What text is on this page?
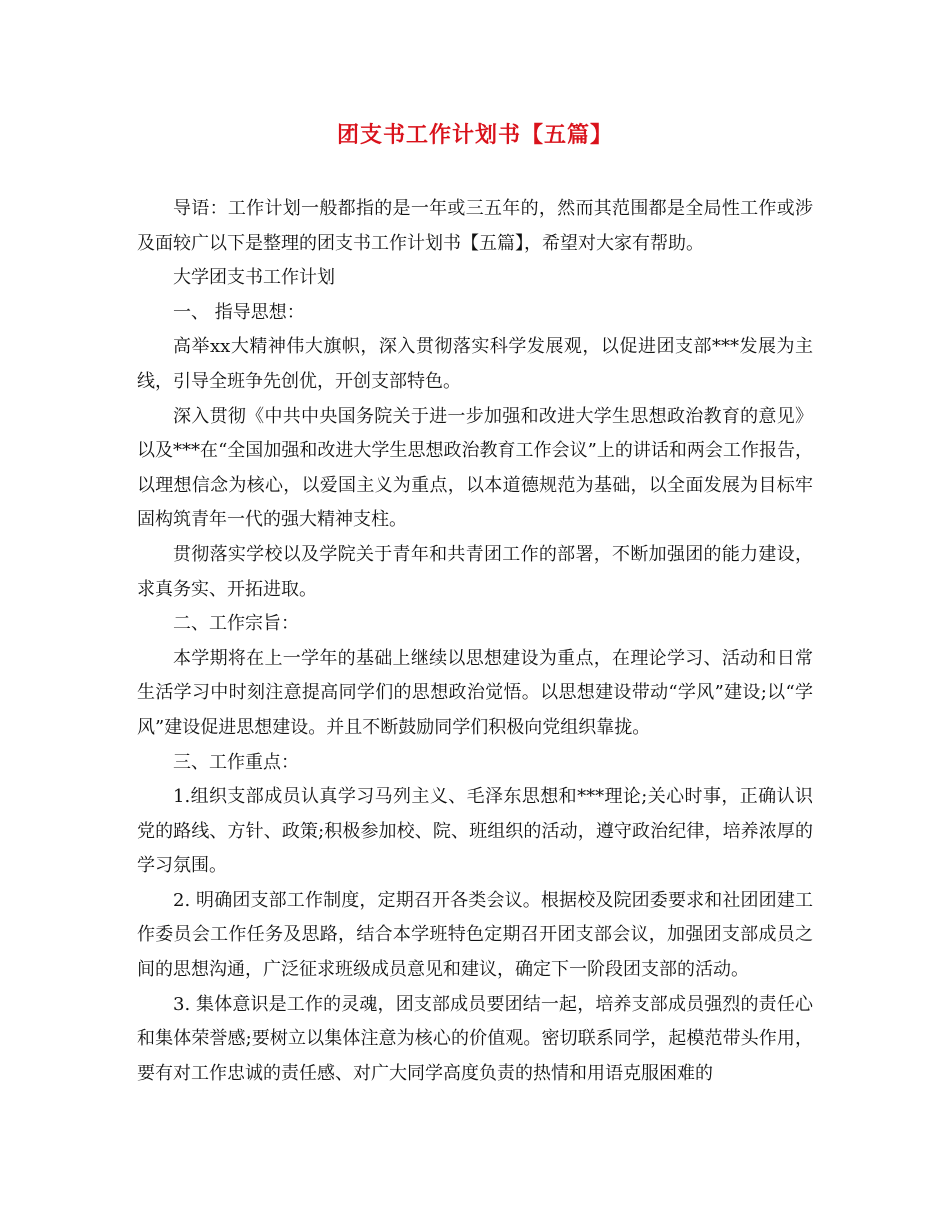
团支书工作计划书【五篇】

导语：工作计划一般都指的是一年或三五年的，然而其范围都是全局性工作或涉及面较广以下是整理的团支书工作计划书【五篇】，希望对大家有帮助。

大学团支书工作计划

一、 指导思想：

高举xx大精神伟大旗帜，深入贯彻落实科学发展观，以促进团支部***发展为主线，引导全班争先创优，开创支部特色。

深入贯彻《中共中央国务院关于进一步加强和改进大学生思想政治教育的意见》以及***在“全国加强和改进大学生思想政治教育工作会议”上的讲话和两会工作报告，以理想信念为核心，以爱国主义为重点，以本道德规范为基础，以全面发展为目标牢固构筑青年一代的强大精神支柱。

贯彻落实学校以及学院关于青年和共青团工作的部署，不断加强团的能力建设，求真务实、开拓进取。

二、工作宗旨：

本学期将在上一学年的基础上继续以思想建设为重点，在理论学习、活动和日常生活学习中时刻注意提高同学们的思想政治觉悟。以思想建设带动“学风”建设;以“学风”建设促进思想建设。并且不断鼓励同学们积极向党组织靠拢。

三、工作重点：

1.组织支部成员认真学习马列主义、毛泽东思想和***理论;关心时事，正确认识党的路线、方针、政策;积极参加校、院、班组织的活动，遵守政治纪律，培养浓厚的学习氛围。

2. 明确团支部工作制度，定期召开各类会议。根据校及院团委要求和社团团建工作委员会工作任务及思路，结合本学班特色定期召开团支部会议，加强团支部成员之间的思想沟通，广泛征求班级成员意见和建议，确定下一阶段团支部的活动。

3. 集体意识是工作的灵魂，团支部成员要团结一起，培养支部成员强烈的责任心和集体荣誉感;要树立以集体注意为核心的价值观。密切联系同学，起模范带头作用，要有对工作忠诚的责任感、对广大同学高度负责的热情和用语克服困难的
